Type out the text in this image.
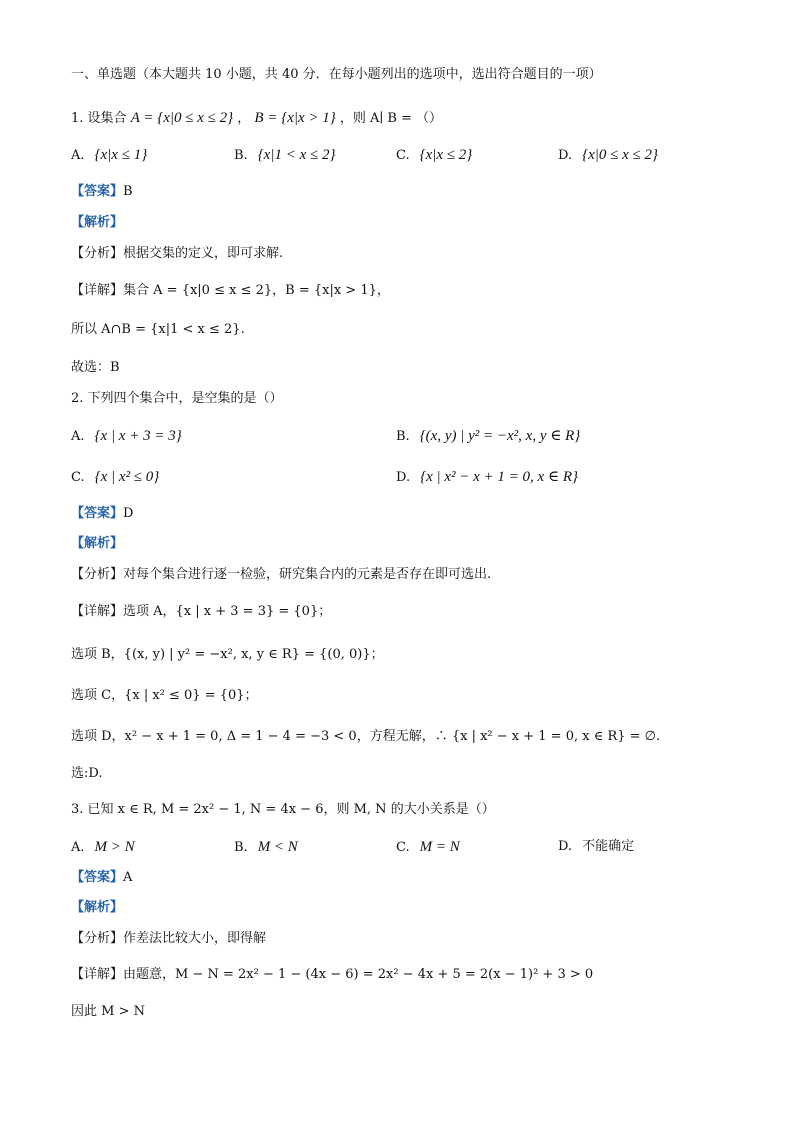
一、单选题（本大题共 10 小题，共 40 分．在每小题列出的选项中，选出符合题目的一项）
1. 设集合 A = {x|0 ≤ x ≤ 2} ， B = {x|x > 1} ，则 A∣ B = （）
A. {x|x ≤ 1}	B. {x|1 < x ≤ 2}	C. {x|x ≤ 2}	D. {x|0 ≤ x ≤ 2}
【答案】B
【解析】
【分析】根据交集的定义，即可求解.
【详解】集合 A = {x|0 ≤ x ≤ 2}，B = {x|x > 1}，
所以 A∩B = {x|1 < x ≤ 2}.
故选：B
2. 下列四个集合中，是空集的是（）
A. {x | x + 3 = 3}	B. {(x, y) | y² = −x², x, y ∈ R}
C. {x | x² ≤ 0}	D. {x | x² − x + 1 = 0, x ∈ R}
【答案】D
【解析】
【分析】对每个集合进行逐一检验，研究集合内的元素是否存在即可选出.
【详解】选项 A，{x | x + 3 = 3} = {0}；
选项 B，{(x, y) | y² = −x², x, y ∈ R} = {(0, 0)}；
选项 C，{x | x² ≤ 0} = {0}；
选项 D，x² − x + 1 = 0, Δ = 1 − 4 = −3 < 0，方程无解，∴ {x | x² − x + 1 = 0, x ∈ R} = ∅.
选:D.
3. 已知 x ∈ R, M = 2x² − 1, N = 4x − 6，则 M, N 的大小关系是（）
A. M > N	B. M < N	C. M = N	D. 不能确定
【答案】A
【解析】
【分析】作差法比较大小，即得解
【详解】由题意，M − N = 2x² − 1 − (4x − 6) = 2x² − 4x + 5 = 2(x − 1)² + 3 > 0
因此 M > N
